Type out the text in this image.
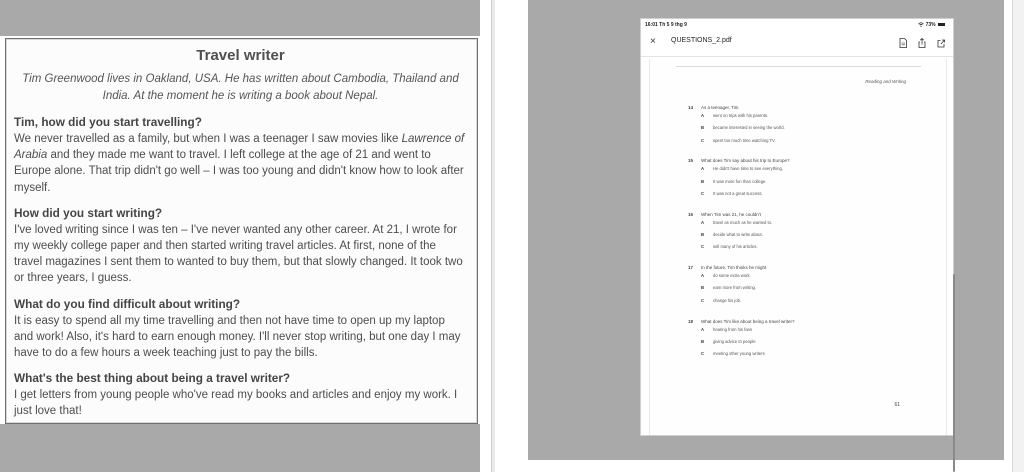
Travel writer
Tim Greenwood lives in Oakland, USA. He has written about Cambodia, Thailand and India. At the moment he is writing a book about Nepal.
Tim, how did you start travelling?
We never travelled as a family, but when I was a teenager I saw movies like Lawrence of Arabia and they made me want to travel. I left college at the age of 21 and went to Europe alone. That trip didn't go well – I was too young and didn't know how to look after myself.
How did you start writing?
I've loved writing since I was ten – I've never wanted any other career. At 21, I wrote for my weekly college paper and then started writing travel articles. At first, none of the travel magazines I sent them to wanted to buy them, but that slowly changed. It took two or three years, I guess.
What do you find difficult about writing?
It is easy to spend all my time travelling and then not have time to open up my laptop and work! Also, it's hard to earn enough money. I'll never stop writing, but one day I may have to do a few hours a week teaching just to pay the bills.
What's the best thing about being a travel writer?
I get letters from young people who've read my books and articles and enjoy my work. I just love that!
16:01 Th 5 9 thg 9	73%
× QUESTIONS_2.pdf
Reading and Writing
14 As a teenager, Tim
A went on trips with his parents.
B became interested in seeing the world.
C spent too much time watching TV.
15 What does Tim say about his trip to Europe?
A He didn't have time to see everything.
B It was more fun than college.
C It was not a great success.
16 When Tim was 21, he couldn't
A travel as much as he wanted to.
B decide what to write about.
C sell many of his articles.
17 In the future, Tim thinks he might
A do some extra work.
B earn more from writing.
C change his job.
18 What does Tim like about being a travel writer?
A hearing from his fans
B giving advice to people
C meeting other young writers
61
